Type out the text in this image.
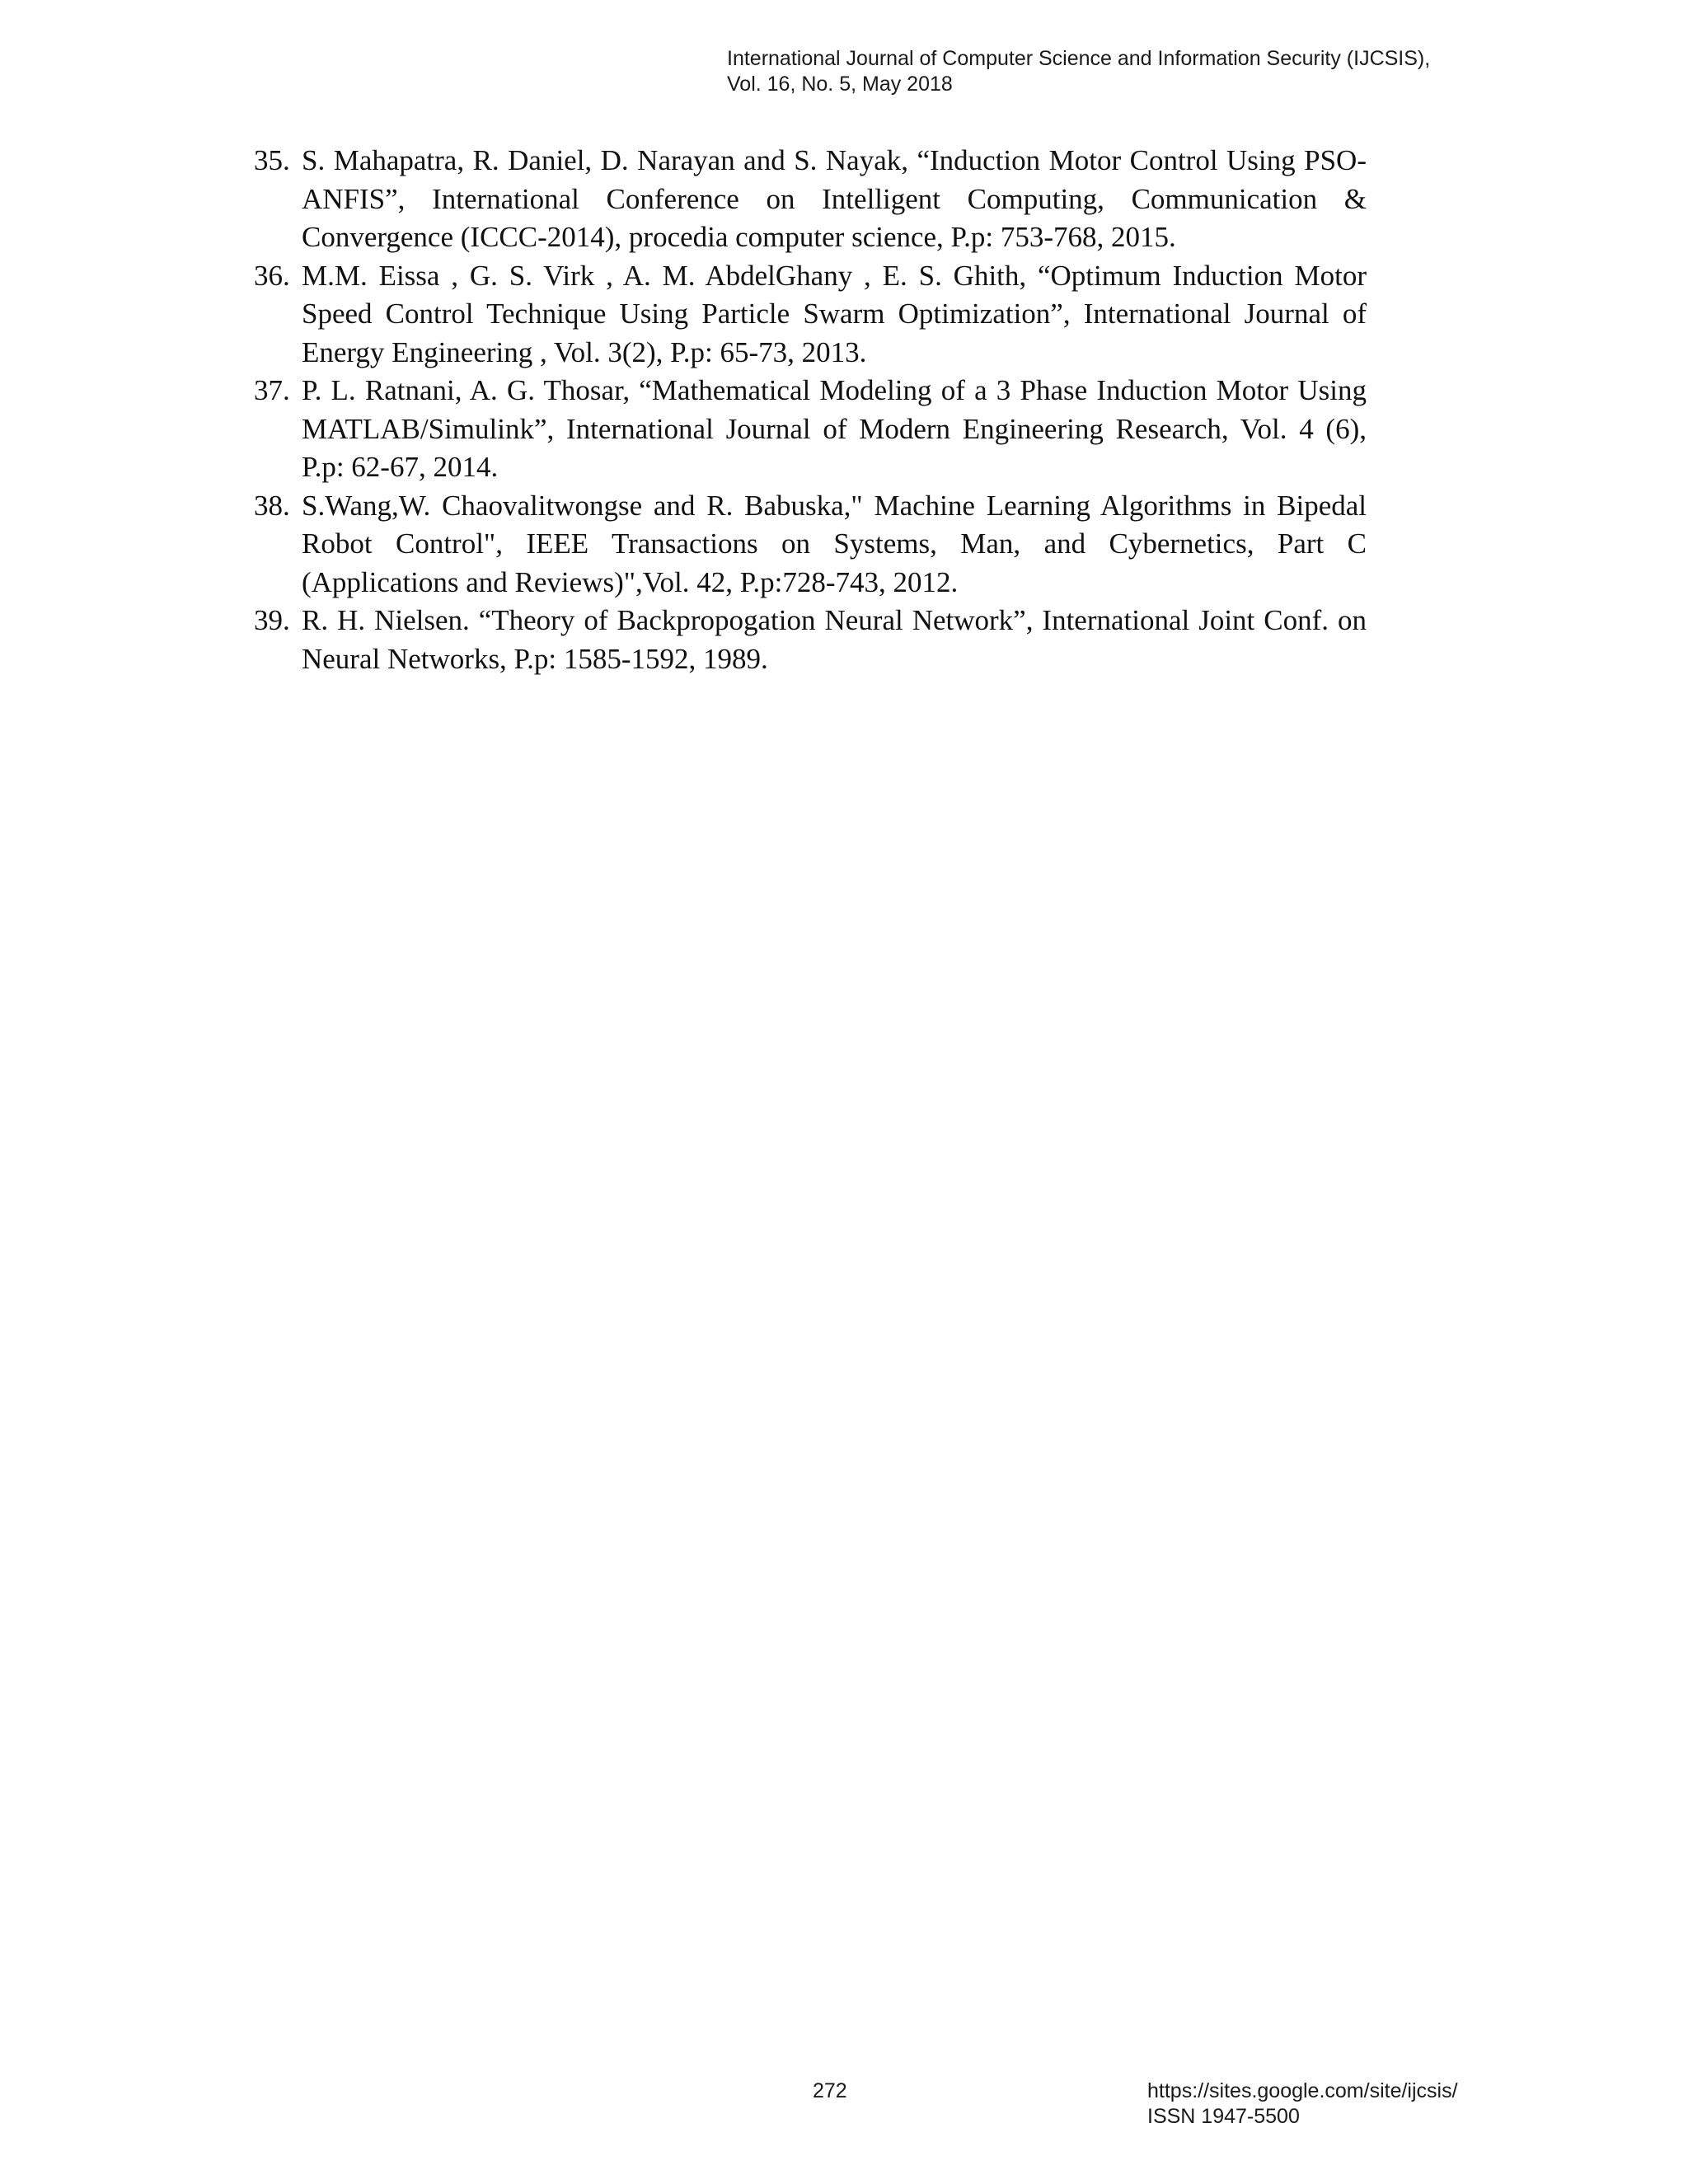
International Journal of Computer Science and Information Security (IJCSIS),
Vol. 16, No. 5, May 2018
35. S. Mahapatra, R. Daniel, D. Narayan and S. Nayak, “Induction Motor Control Using PSO-ANFIS”, International Conference on Intelligent Computing, Communication & Convergence (ICCC-2014), procedia computer science, P.p: 753-768, 2015.
36. M.M. Eissa , G. S. Virk , A. M. AbdelGhany , E. S. Ghith, “Optimum Induction Motor Speed Control Technique Using Particle Swarm Optimization”, International Journal of Energy Engineering , Vol. 3(2), P.p: 65-73, 2013.
37. P. L. Ratnani, A. G. Thosar, “Mathematical Modeling of a 3 Phase Induction Motor Using MATLAB/Simulink”, International Journal of Modern Engineering Research, Vol. 4 (6), P.p: 62-67, 2014.
38. S.Wang,W. Chaovalitwongse and R. Babuska," Machine Learning Algorithms in Bipedal Robot Control", IEEE Transactions on Systems, Man, and Cybernetics, Part C (Applications and Reviews)",Vol. 42, P.p:728-743, 2012.
39. R. H. Nielsen. “Theory of Backpropogation Neural Network”, International Joint Conf. on Neural Networks, P.p: 1585-1592, 1989.
272	https://sites.google.com/site/ijcsis/
ISSN 1947-5500
